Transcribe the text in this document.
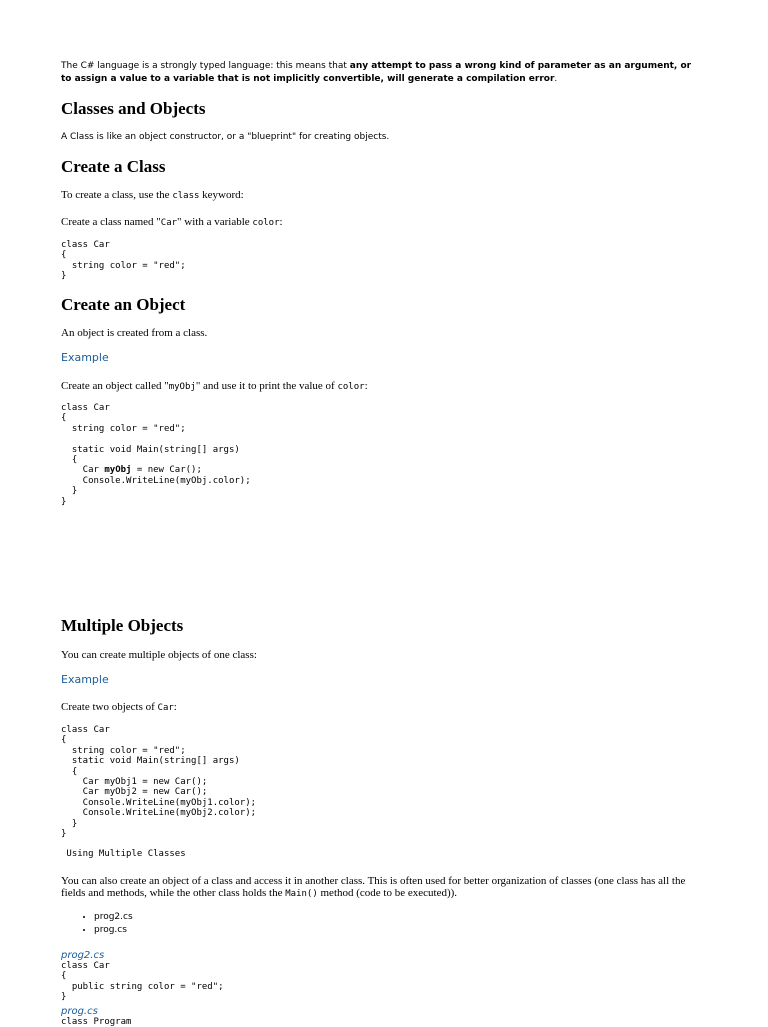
The C# language is a strongly typed language: this means that any attempt to pass a wrong kind of parameter as an argument, or to assign a value to a variable that is not implicitly convertible, will generate a compilation error.

Classes and Objects

A Class is like an object constructor, or a "blueprint" for creating objects.

Create a Class

To create a class, use the class keyword:

Create a class named "Car" with a variable color:

class Car
{
string color = "red";
}
Create an Object

An object is created from a class.

Example

Create an object called "myObj" and use it to print the value of color:

class Car
{
string color = "red";

static void Main(string[] args)
{
Car myObj = new Car();
Console.WriteLine(myObj.color);
}
}
Multiple Objects

You can create multiple objects of one class:

Example

Create two objects of Car:

class Car
{
string color = "red";
static void Main(string[] args)
{
Car myObj1 = new Car();
Car myObj2 = new Car();
Console.WriteLine(myObj1.color);
Console.WriteLine(myObj2.color);
}
}
Using Multiple Classes

You can also create an object of a class and access it in another class. This is often used for better organization of classes (one class has all the fields and methods, while the other class holds the Main() method (code to be executed)).

• prog2.cs
• prog.cs

prog2.cs

class Car
{
public string color = "red";
}

prog.cs

class Program
